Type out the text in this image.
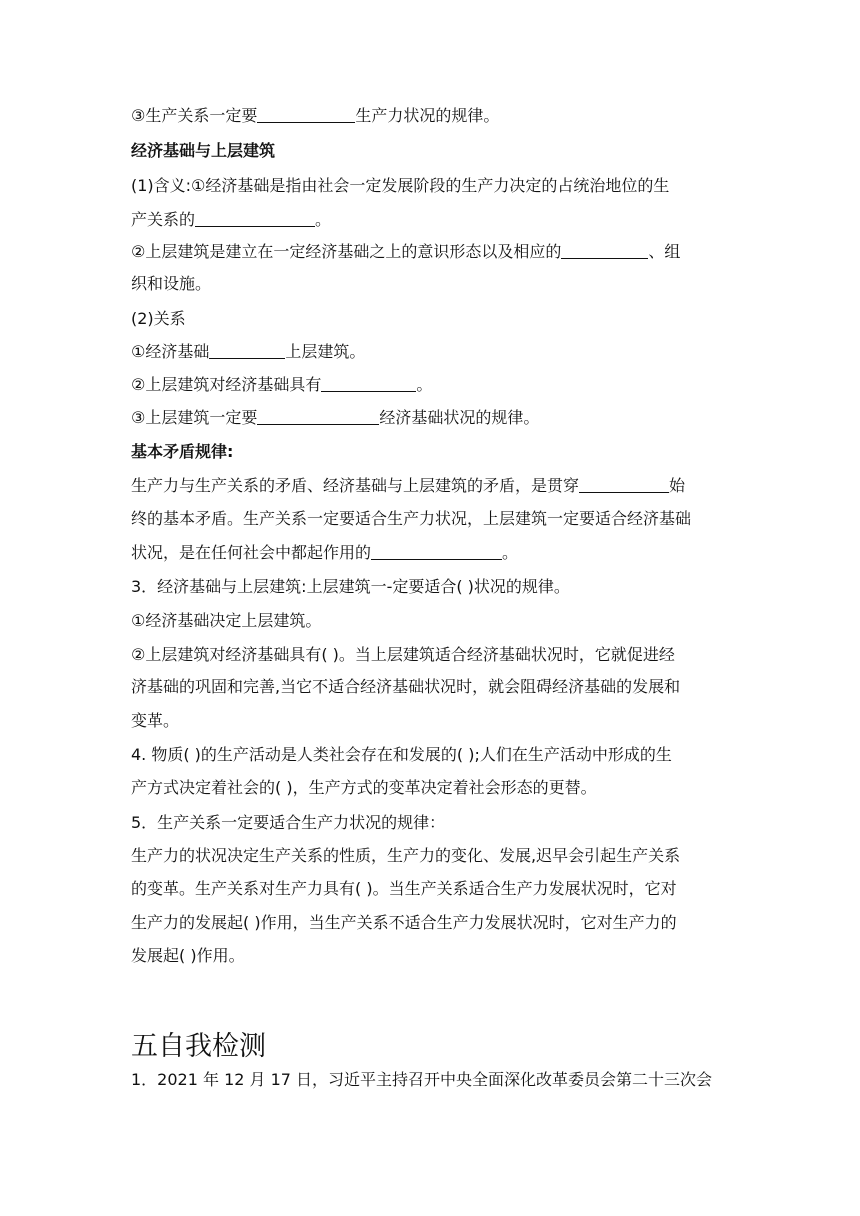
③生产关系一定要	生产力状况的规律。
经济基础与上层建筑
(1)含义:①经济基础是指由社会一定发展阶段的生产力决定的占统治地位的生
产关系的	。
②上层建筑是建立在一定经济基础之上的意识形态以及相应的	、组
织和设施。
(2)关系
①经济基础	上层建筑。
②上层建筑对经济基础具有	。
③上层建筑一定要	经济基础状况的规律。
基本矛盾规律:
生产力与生产关系的矛盾、经济基础与上层建筑的矛盾，是贯穿	始
终的基本矛盾。生产关系一定要适合生产力状况，上层建筑一定要适合经济基础
状况，是在任何社会中都起作用的	。
3．经济基础与上层建筑:上层建筑一-定要适合( )状况的规律。
①经济基础决定上层建筑。
②上层建筑对经济基础具有( )。当上层建筑适合经济基础状况时，它就促进经
济基础的巩固和完善,当它不适合经济基础状况时，就会阻碍经济基础的发展和
变革。
4. 物质( )的生产活动是人类社会存在和发展的( );人们在生产活动中形成的生
产方式决定着社会的( )，生产方式的变革决定着社会形态的更替。
5．生产关系一定要适合生产力状况的规律：
生产力的状况决定生产关系的性质，生产力的变化、发展,迟早会引起生产关系
的变革。生产关系对生产力具有( )。当生产关系适合生产力发展状况时，它对
生产力的发展起( )作用，当生产关系不适合生产力发展状况时，它对生产力的
发展起( )作用。
五自我检测
1．2021 年 12 月 17 日，习近平主持召开中央全面深化改革委员会第二十三次会
